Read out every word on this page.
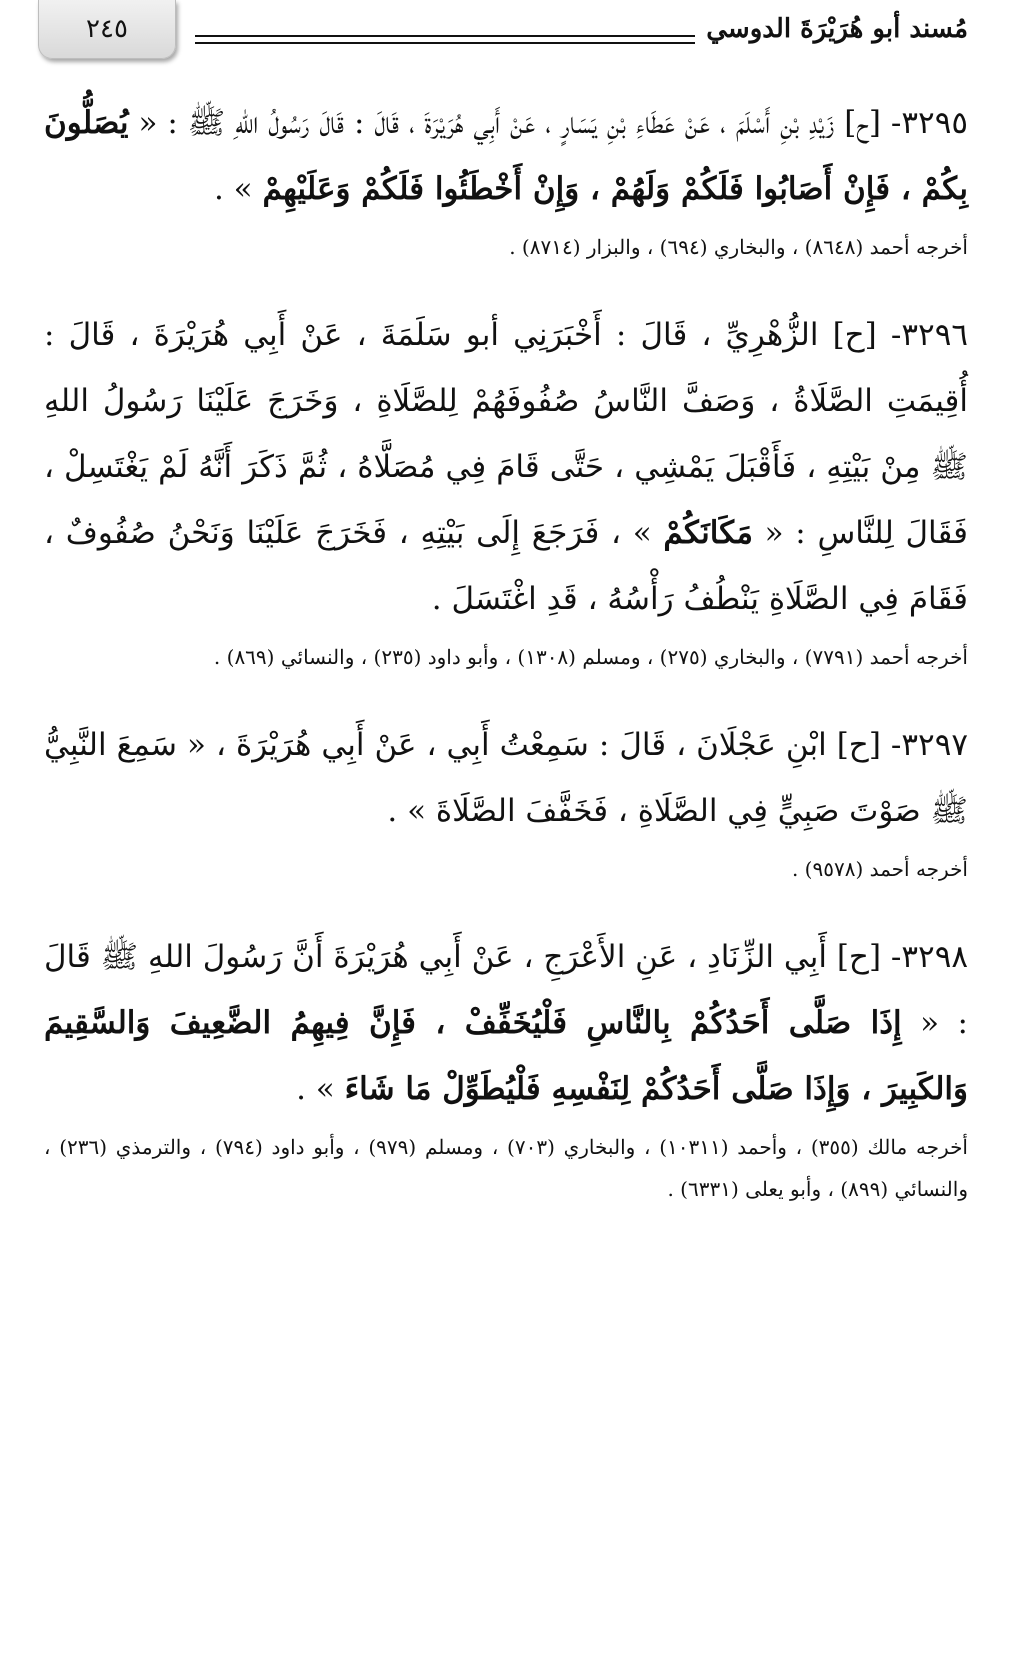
٢٤٥	مُسند أبو هُرَيْرَةَ الدوسي

٣٢٩٥- [ح] زَيْدِ بْنِ أَسْلَمَ ، عَنْ عَطَاءِ بْنِ يَسَارٍ ، عَنْ أَبِي هُرَيْرَةَ ، قَالَ : قَالَ رَسُولُ اللهِ ﷺ : « يُصَلُّونَ بِكُمْ ، فَإِنْ أَصَابُوا فَلَكُمْ وَلَهُمْ ، وَإِنْ أَخْطَئُوا فَلَكُمْ وَعَلَيْهِمْ » .

أخرجه أحمد (٨٦٤٨) ، والبخاري (٦٩٤) ، والبزار (٨٧١٤) .

٣٢٩٦- [ح] الزُّهْرِيِّ ، قَالَ : أَخْبَرَنِي أبو سَلَمَةَ ، عَنْ أَبِي هُرَيْرَةَ ، قَالَ : أُقِيمَتِ الصَّلَاةُ ، وَصَفَّ النَّاسُ صُفُوفَهُمْ لِلصَّلَاةِ ، وَخَرَجَ عَلَيْنَا رَسُولُ اللهِ ﷺ مِنْ بَيْتِهِ ، فَأَقْبَلَ يَمْشِي ، حَتَّى قَامَ فِي مُصَلَّاهُ ، ثُمَّ ذَكَرَ أَنَّهُ لَمْ يَغْتَسِلْ ، فَقَالَ لِلنَّاسِ : « مَكَانَكُمْ » ، فَرَجَعَ إِلَى بَيْتِهِ ، فَخَرَجَ عَلَيْنَا وَنَحْنُ صُفُوفٌ ، فَقَامَ فِي الصَّلَاةِ يَنْطُفُ رَأْسُهُ ، قَدِ اغْتَسَلَ .

أخرجه أحمد (٧٧٩١) ، والبخاري (٢٧٥) ، ومسلم (١٣٠٨) ، وأبو داود (٢٣٥) ، والنسائي (٨٦٩) .

٣٢٩٧- [ح] ابْنِ عَجْلَانَ ، قَالَ : سَمِعْتُ أَبِي ، عَنْ أَبِي هُرَيْرَةَ ، « سَمِعَ النَّبِيُّ ﷺ صَوْتَ صَبِيٍّ فِي الصَّلَاةِ ، فَخَفَّفَ الصَّلَاةَ » .

أخرجه أحمد (٩٥٧٨) .

٣٢٩٨- [ح] أَبِي الزِّنَادِ ، عَنِ الأَعْرَجِ ، عَنْ أَبِي هُرَيْرَةَ أَنَّ رَسُولَ اللهِ ﷺ قَالَ : « إِذَا صَلَّى أَحَدُكُمْ بِالنَّاسِ فَلْيُخَفِّفْ ، فَإِنَّ فِيهِمُ الضَّعِيفَ وَالسَّقِيمَ وَالكَبِيرَ ، وَإِذَا صَلَّى أَحَدُكُمْ لِنَفْسِهِ فَلْيُطَوِّلْ مَا شَاءَ » .

أخرجه مالك (٣٥٥) ، وأحمد (١٠٣١١) ، والبخاري (٧٠٣) ، ومسلم (٩٧٩) ، وأبو داود (٧٩٤) ، والترمذي (٢٣٦) ، والنسائي (٨٩٩) ، وأبو يعلى (٦٣٣١) .
